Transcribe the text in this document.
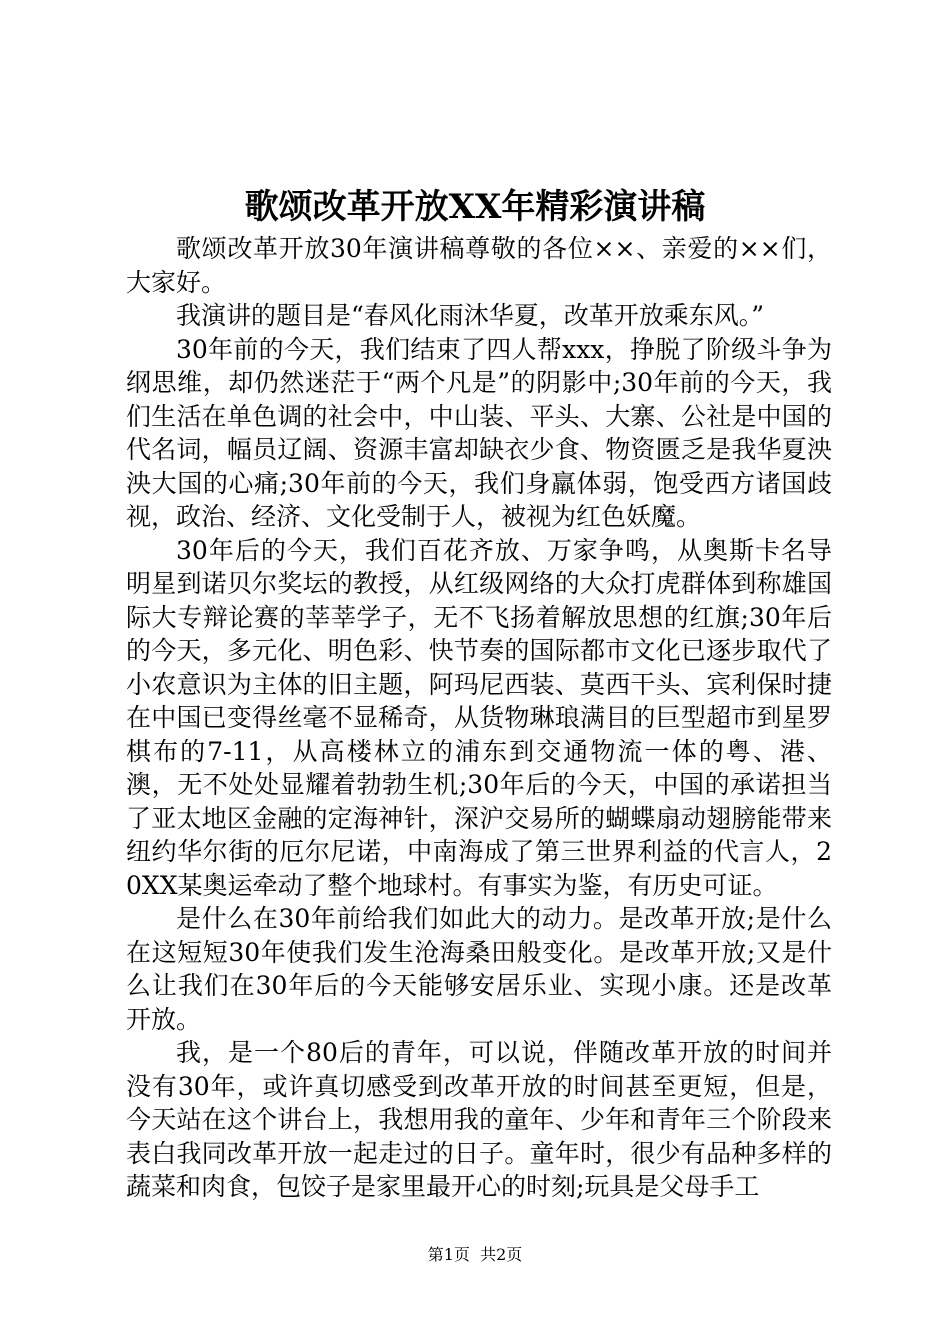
歌颂改革开放XX年精彩演讲稿

歌颂改革开放30年演讲稿尊敬的各位××、亲爱的××们，大家好。

我演讲的题目是“春风化雨沐华夏，改革开放乘东风。”

30年前的今天，我们结束了四人帮xxx，挣脱了阶级斗争为纲思维，却仍然迷茫于“两个凡是”的阴影中;30年前的今天，我们生活在单色调的社会中，中山装、平头、大寨、公社是中国的代名词，幅员辽阔、资源丰富却缺衣少食、物资匮乏是我华夏泱泱大国的心痛;30年前的今天，我们身羸体弱，饱受西方诸国歧视，政治、经济、文化受制于人，被视为红色妖魔。

30年后的今天，我们百花齐放、万家争鸣，从奥斯卡名导明星到诺贝尔奖坛的教授，从红级网络的大众打虎群体到称雄国际大专辩论赛的莘莘学子，无不飞扬着解放思想的红旗;30年后的今天，多元化、明色彩、快节奏的国际都市文化已逐步取代了小农意识为主体的旧主题，阿玛尼西装、莫西干头、宾利保时捷在中国已变得丝毫不显稀奇，从货物琳琅满目的巨型超市到星罗棋布的7-11，从高楼林立的浦东到交通物流一体的粤、港、澳，无不处处显耀着勃勃生机;30年后的今天，中国的承诺担当了亚太地区金融的定海神针，深沪交易所的蝴蝶扇动翅膀能带来纽约华尔街的厄尔尼诺，中南海成了第三世界利益的代言人，20XX某奥运牵动了整个地球村。有事实为鉴，有历史可证。

是什么在30年前给我们如此大的动力。是改革开放;是什么在这短短30年使我们发生沧海桑田般变化。是改革开放;又是什么让我们在30年后的今天能够安居乐业、实现小康。还是改革开放。

我，是一个80后的青年，可以说，伴随改革开放的时间并没有30年，或许真切感受到改革开放的时间甚至更短，但是，今天站在这个讲台上，我想用我的童年、少年和青年三个阶段来表白我同改革开放一起走过的日子。童年时，很少有品种多样的蔬菜和肉食，包饺子是家里最开心的时刻;玩具是父母手工

第1页  共2页
